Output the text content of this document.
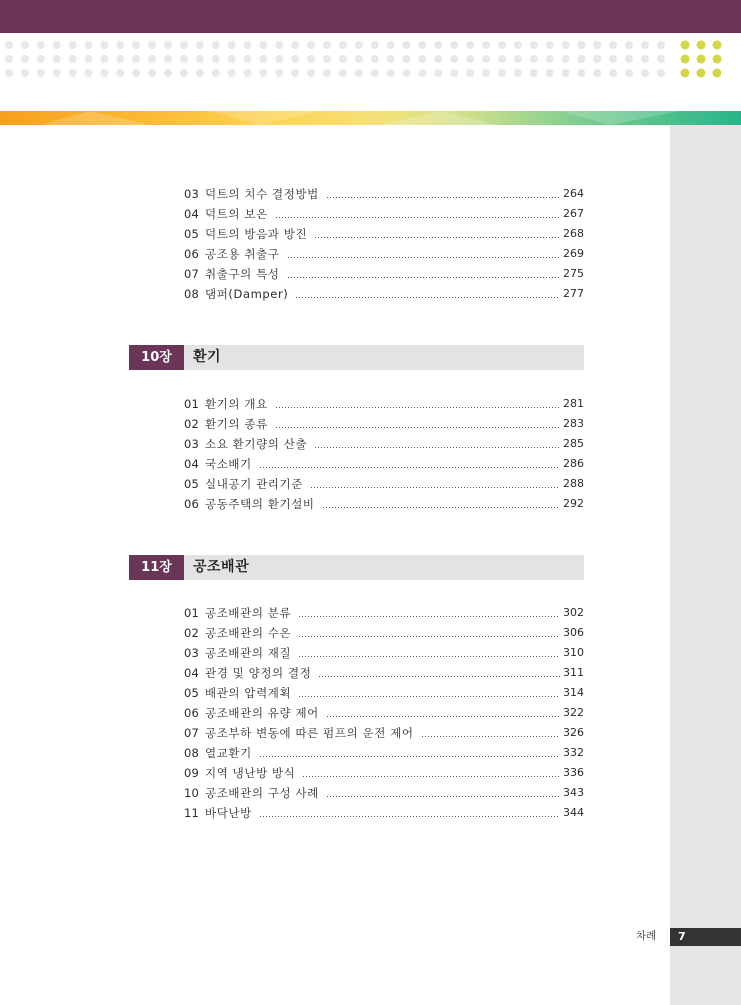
03 덕트의 치수 결정방법	264
04 덕트의 보온	267
05 덕트의 방음과 방진	268
06 공조용 취출구	269
07 취출구의 특성	275
08 댐퍼(Damper)	277
10장	환기
01 환기의 개요	281
02 환기의 종류	283
03 소요 환기량의 산출	285
04 국소배기	286
05 실내공기 관리기준	288
06 공동주택의 환기설비	292
11장	공조배관
01 공조배관의 분류	302
02 공조배관의 수온	306
03 공조배관의 재질	310
04 관경 및 양정의 결정	311
05 배관의 압력계획	314
06 공조배관의 유량 제어	322
07 공조부하 변동에 따른 펌프의 운전 제어	326
08 열교환기	332
09 지역 냉난방 방식	336
10 공조배관의 구성 사례	343
11 바닥난방	344
차례 7
